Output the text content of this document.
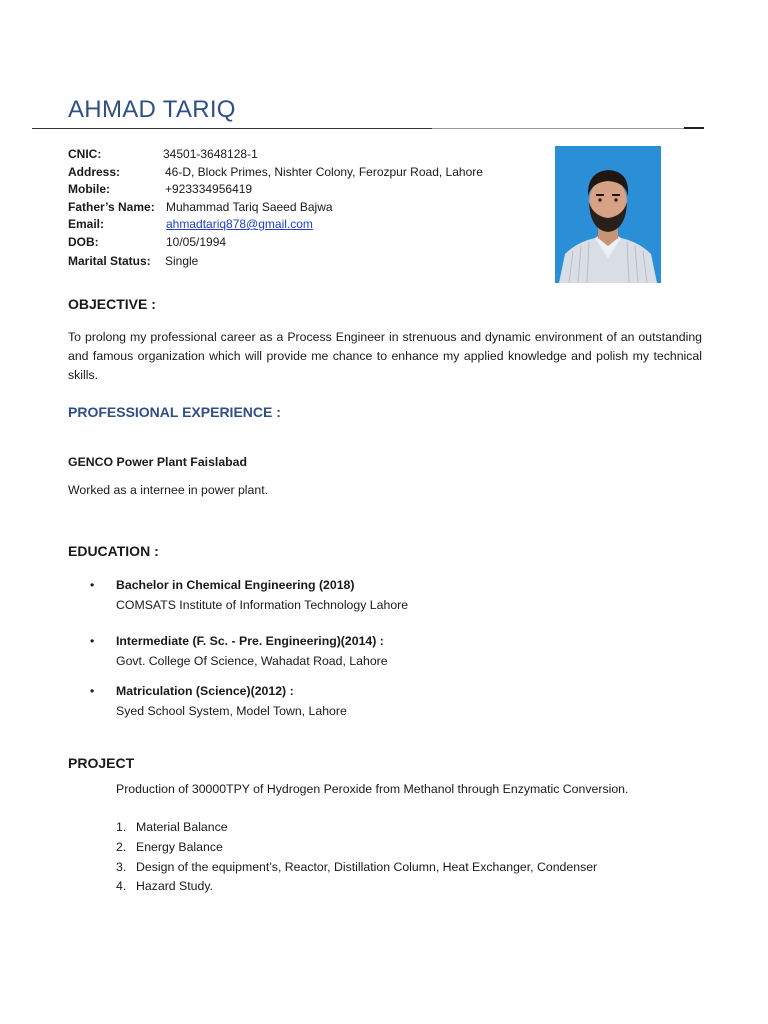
AHMAD TARIQ
CNIC:	34501-3648128-1
Address:	46-D, Block Primes, Nishter Colony, Ferozpur Road, Lahore
Mobile:	+923334956419
Father’s Name: Muhammad Tariq Saeed Bajwa
Email:	ahmadtariq878@gmail.com
DOB:	10/05/1994
Marital Status: Single
OBJECTIVE :
To prolong my professional career as a Process Engineer in strenuous and dynamic environment of an outstanding and famous organization which will provide me chance to enhance my applied knowledge and polish my technical skills.
PROFESSIONAL EXPERIENCE :
GENCO Power Plant Faislabad
Worked as a internee in power plant.
EDUCATION :
• Bachelor in Chemical Engineering (2018)
COMSATS Institute of Information Technology Lahore
• Intermediate (F. Sc. - Pre. Engineering)(2014) :
Govt. College Of Science, Wahadat Road, Lahore
• Matriculation (Science)(2012) :
Syed School System, Model Town, Lahore
PROJECT
Production of 30000TPY of Hydrogen Peroxide from Methanol through Enzymatic Conversion.
1. Material Balance
2. Energy Balance
3. Design of the equipment’s, Reactor, Distillation Column, Heat Exchanger, Condenser
4. Hazard Study.
